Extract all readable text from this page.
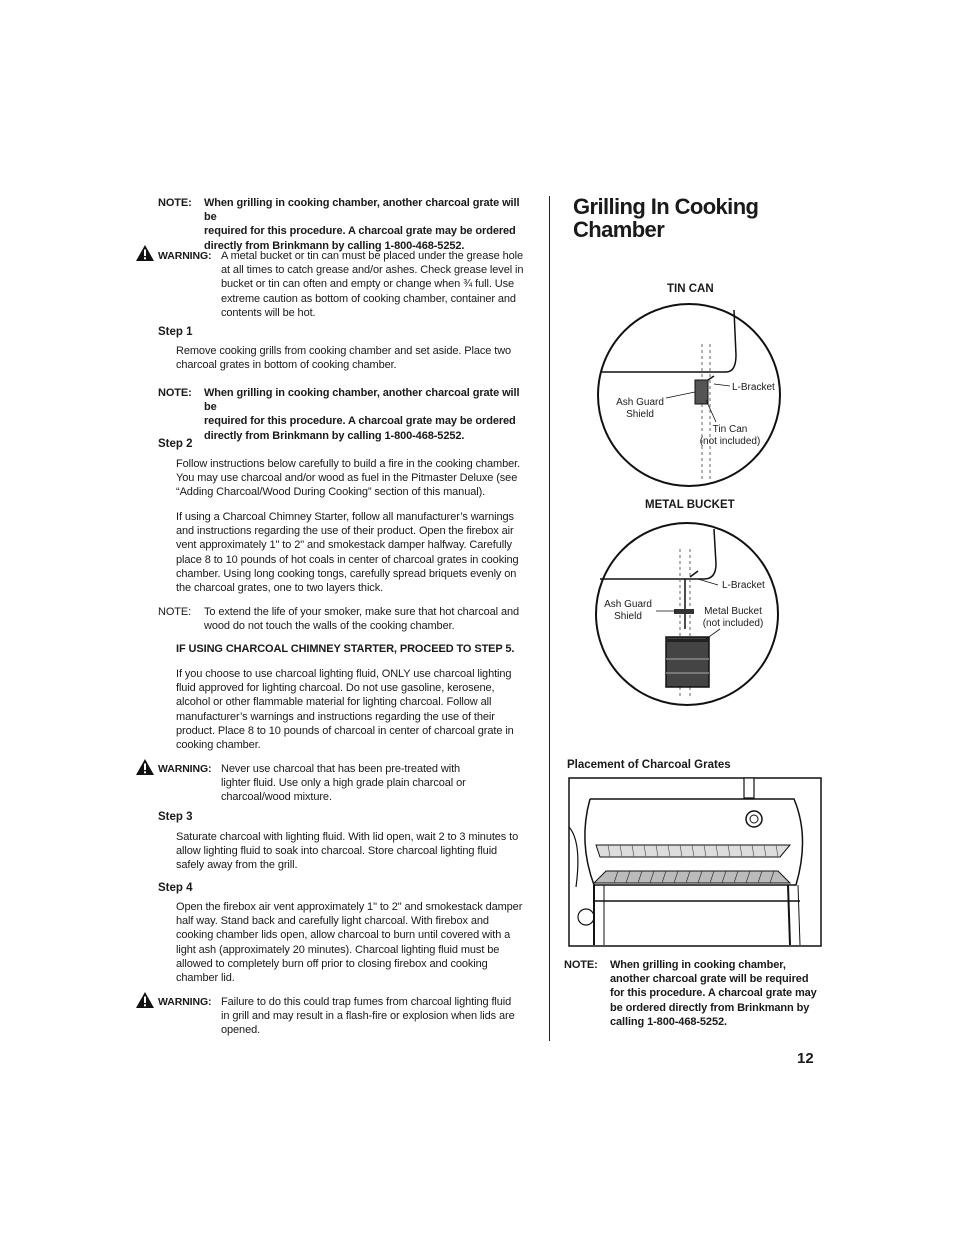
NOTE: When grilling in cooking chamber, another charcoal grate will be
required for this procedure. A charcoal grate may be ordered
directly from Brinkmann by calling 1-800-468-5252.
WARNING: A metal bucket or tin can must be placed under the grease hole
at all times to catch grease and/or ashes. Check grease level in
bucket or tin can often and empty or change when ¾ full. Use
extreme caution as bottom of cooking chamber, container and
contents will be hot.
Step 1
Remove cooking grills from cooking chamber and set aside. Place two
charcoal grates in bottom of cooking chamber.
NOTE: When grilling in cooking chamber, another charcoal grate will be
required for this procedure. A charcoal grate may be ordered
directly from Brinkmann by calling 1-800-468-5252.
Step 2
Follow instructions below carefully to build a fire in the cooking chamber.
You may use charcoal and/or wood as fuel in the Pitmaster Deluxe (see
“Adding Charcoal/Wood During Cooking” section of this manual).
If using a Charcoal Chimney Starter, follow all manufacturer’s warnings
and instructions regarding the use of their product. Open the firebox air
vent approximately 1" to 2" and smokestack damper halfway. Carefully
place 8 to 10 pounds of hot coals in center of charcoal grates in cooking
chamber. Using long cooking tongs, carefully spread briquets evenly on
the charcoal grates, one to two layers thick.
NOTE: To extend the life of your smoker, make sure that hot charcoal and
wood do not touch the walls of the cooking chamber.
IF USING CHARCOAL CHIMNEY STARTER, PROCEED TO STEP 5.
If you choose to use charcoal lighting fluid, ONLY use charcoal lighting
fluid approved for lighting charcoal. Do not use gasoline, kerosene,
alcohol or other flammable material for lighting charcoal. Follow all
manufacturer’s warnings and instructions regarding the use of their
product. Place 8 to 10 pounds of charcoal in center of charcoal grate in
cooking chamber.
WARNING: Never use charcoal that has been pre-treated with
lighter fluid. Use only a high grade plain charcoal or
charcoal/wood mixture.
Step 3
Saturate charcoal with lighting fluid. With lid open, wait 2 to 3 minutes to
allow lighting fluid to soak into charcoal. Store charcoal lighting fluid
safely away from the grill.
Step 4
Open the firebox air vent approximately 1" to 2" and smokestack damper
half way. Stand back and carefully light charcoal. With firebox and
cooking chamber lids open, allow charcoal to burn until covered with a
light ash (approximately 20 minutes). Charcoal lighting fluid must be
allowed to completely burn off prior to closing firebox and cooking
chamber lid.
WARNING: Failure to do this could trap fumes from charcoal lighting fluid
in grill and may result in a flash-fire or explosion when lids are
opened.
Grilling In Cooking
Chamber
TIN CAN
L-Bracket
Ash Guard
Shield
Tin Can
(not included)
METAL BUCKET
L-Bracket
Ash Guard
Shield	Metal Bucket
(not included)
Placement of Charcoal Grates
NOTE: When grilling in cooking chamber,
another charcoal grate will be required
for this procedure. A charcoal grate may
be ordered directly from Brinkmann by
calling 1-800-468-5252.
12
